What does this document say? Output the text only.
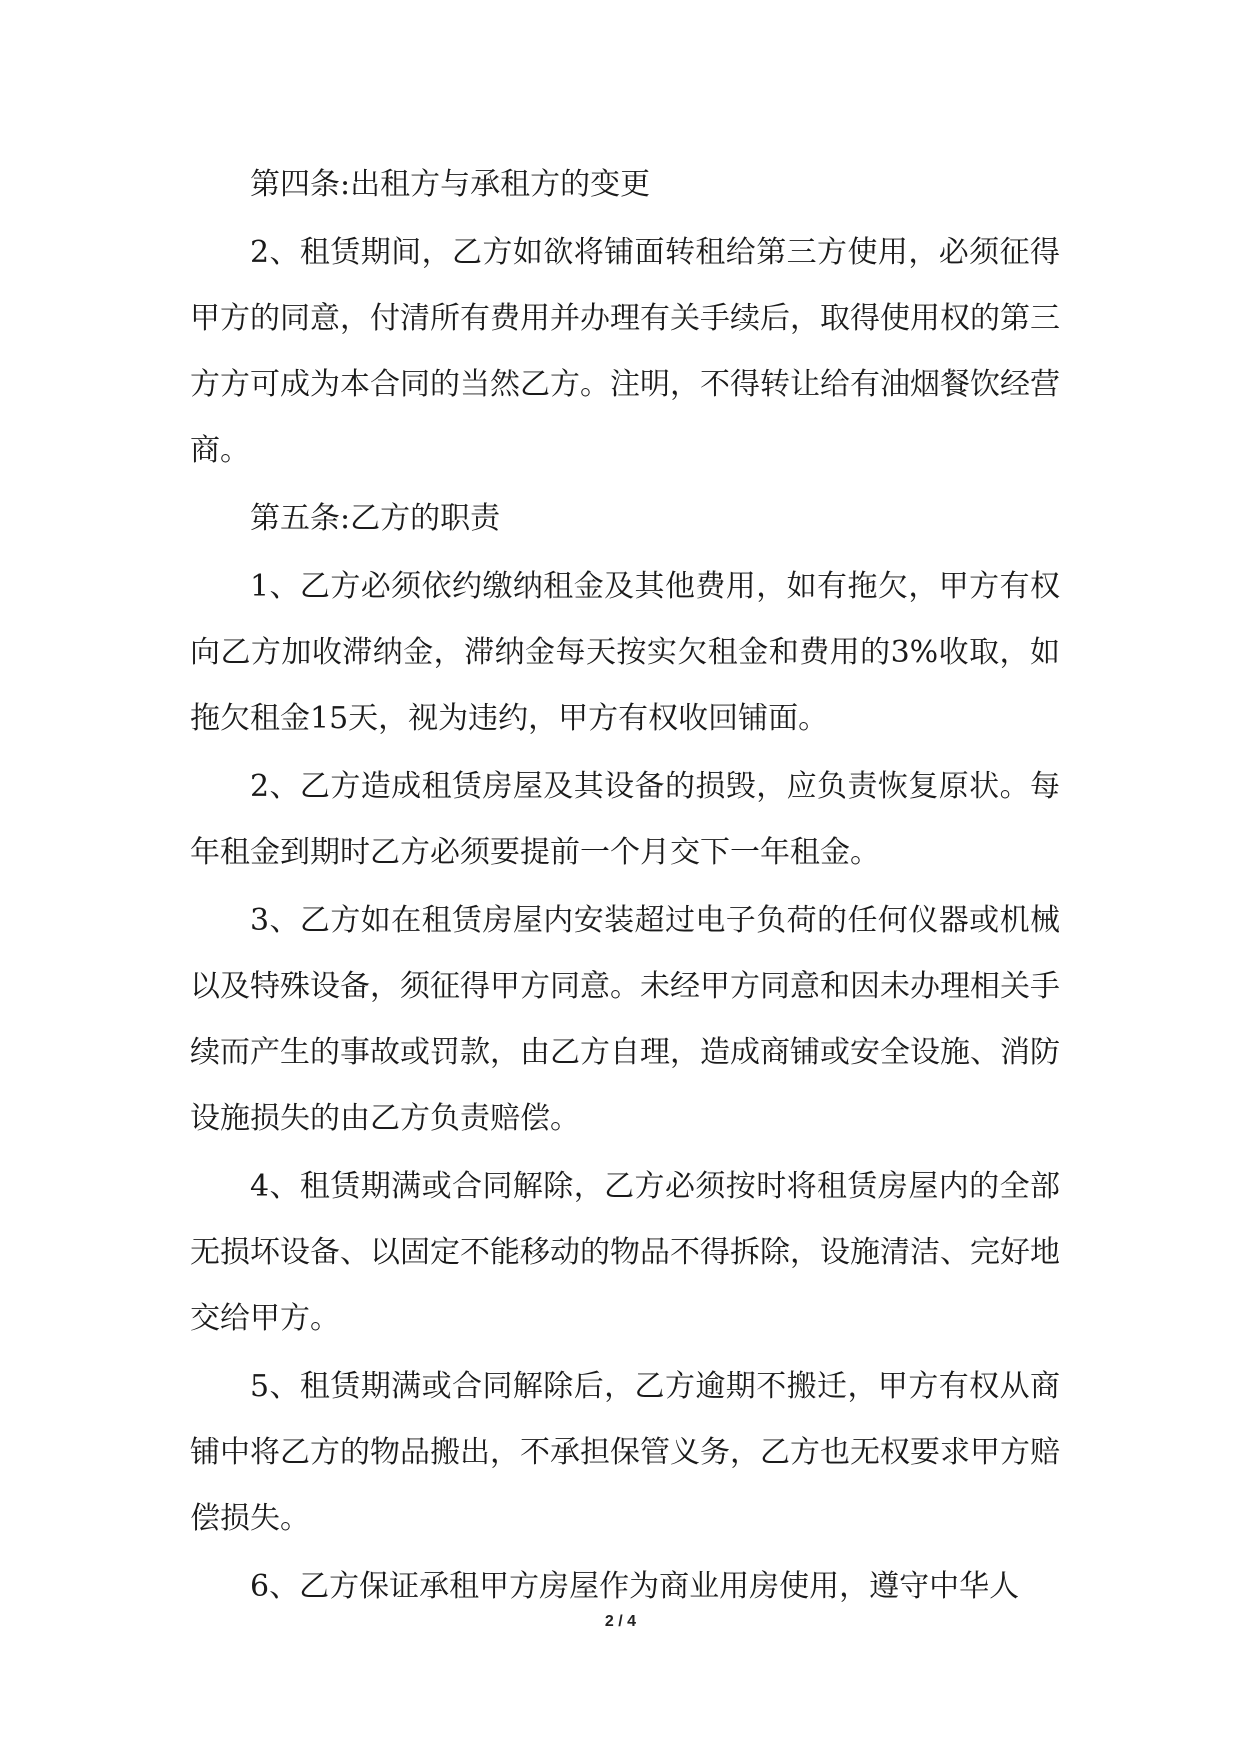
第四条:出租方与承租方的变更

2、租赁期间，乙方如欲将铺面转租给第三方使用，必须征得甲方的同意，付清所有费用并办理有关手续后，取得使用权的第三方方可成为本合同的当然乙方。注明，不得转让给有油烟餐饮经营商。

第五条:乙方的职责

1、乙方必须依约缴纳租金及其他费用，如有拖欠，甲方有权向乙方加收滞纳金，滞纳金每天按实欠租金和费用的3%收取，如拖欠租金15天，视为违约，甲方有权收回铺面。

2、乙方造成租赁房屋及其设备的损毁，应负责恢复原状。每年租金到期时乙方必须要提前一个月交下一年租金。

3、乙方如在租赁房屋内安装超过电子负荷的任何仪器或机械以及特殊设备，须征得甲方同意。未经甲方同意和因未办理相关手续而产生的事故或罚款，由乙方自理，造成商铺或安全设施、消防设施损失的由乙方负责赔偿。

4、租赁期满或合同解除，乙方必须按时将租赁房屋内的全部无损坏设备、以固定不能移动的物品不得拆除，设施清洁、完好地交给甲方。

5、租赁期满或合同解除后，乙方逾期不搬迁，甲方有权从商铺中将乙方的物品搬出，不承担保管义务，乙方也无权要求甲方赔偿损失。

6、乙方保证承租甲方房屋作为商业用房使用，遵守中华人

2 / 4
